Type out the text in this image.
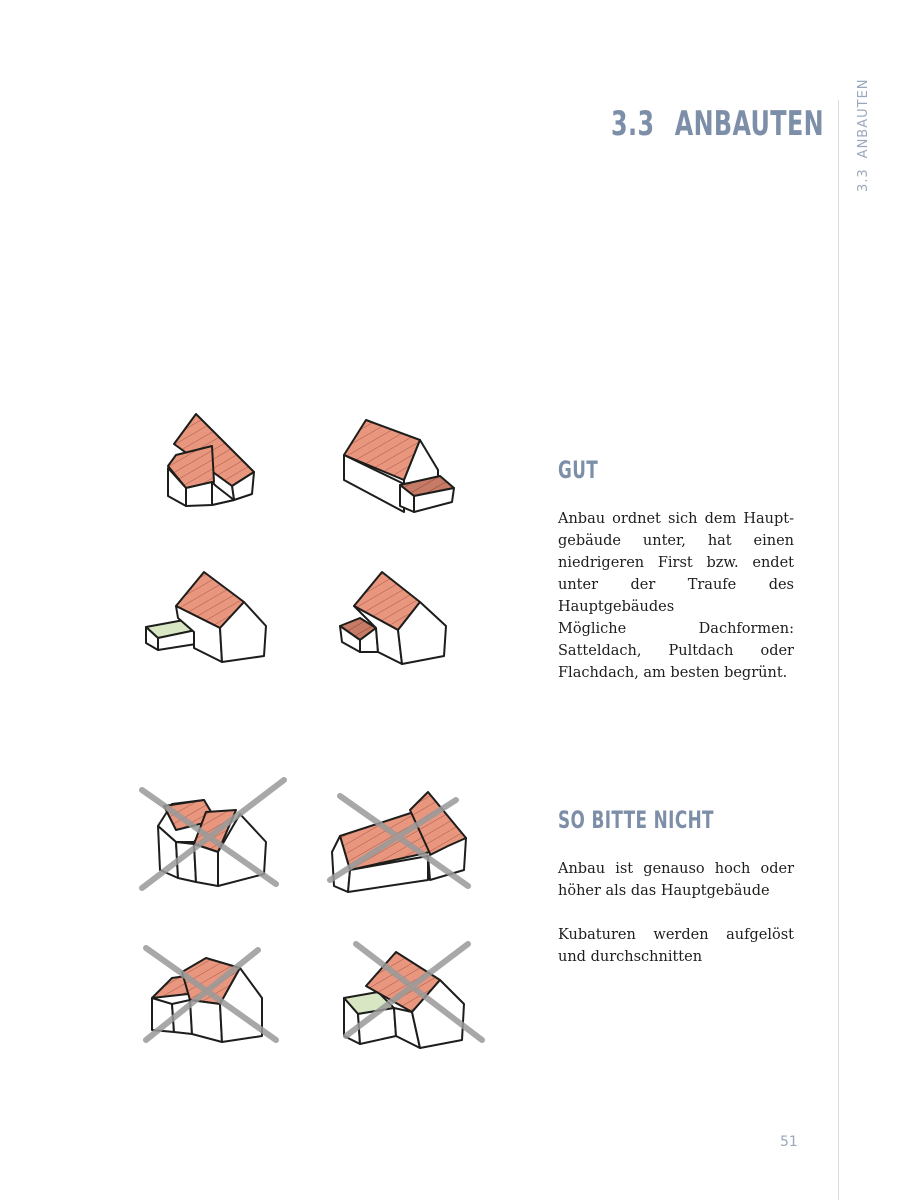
3.3 ANBAUTEN
3.3ANBAUTEN
GUT
Anbau ordnet sich dem Haupt-gebäude unter, hat einen niedrigeren First bzw. endet unter der Traufe des Hauptgebäudes
Mögliche Dachformen: Satteldach, Pultdach oder Flachdach, am besten begrünt.
SO BITTE NICHT
Anbau ist genauso hoch oder höher als das Hauptgebäude
Kubaturen werden aufgelöst und durchschnitten
51
